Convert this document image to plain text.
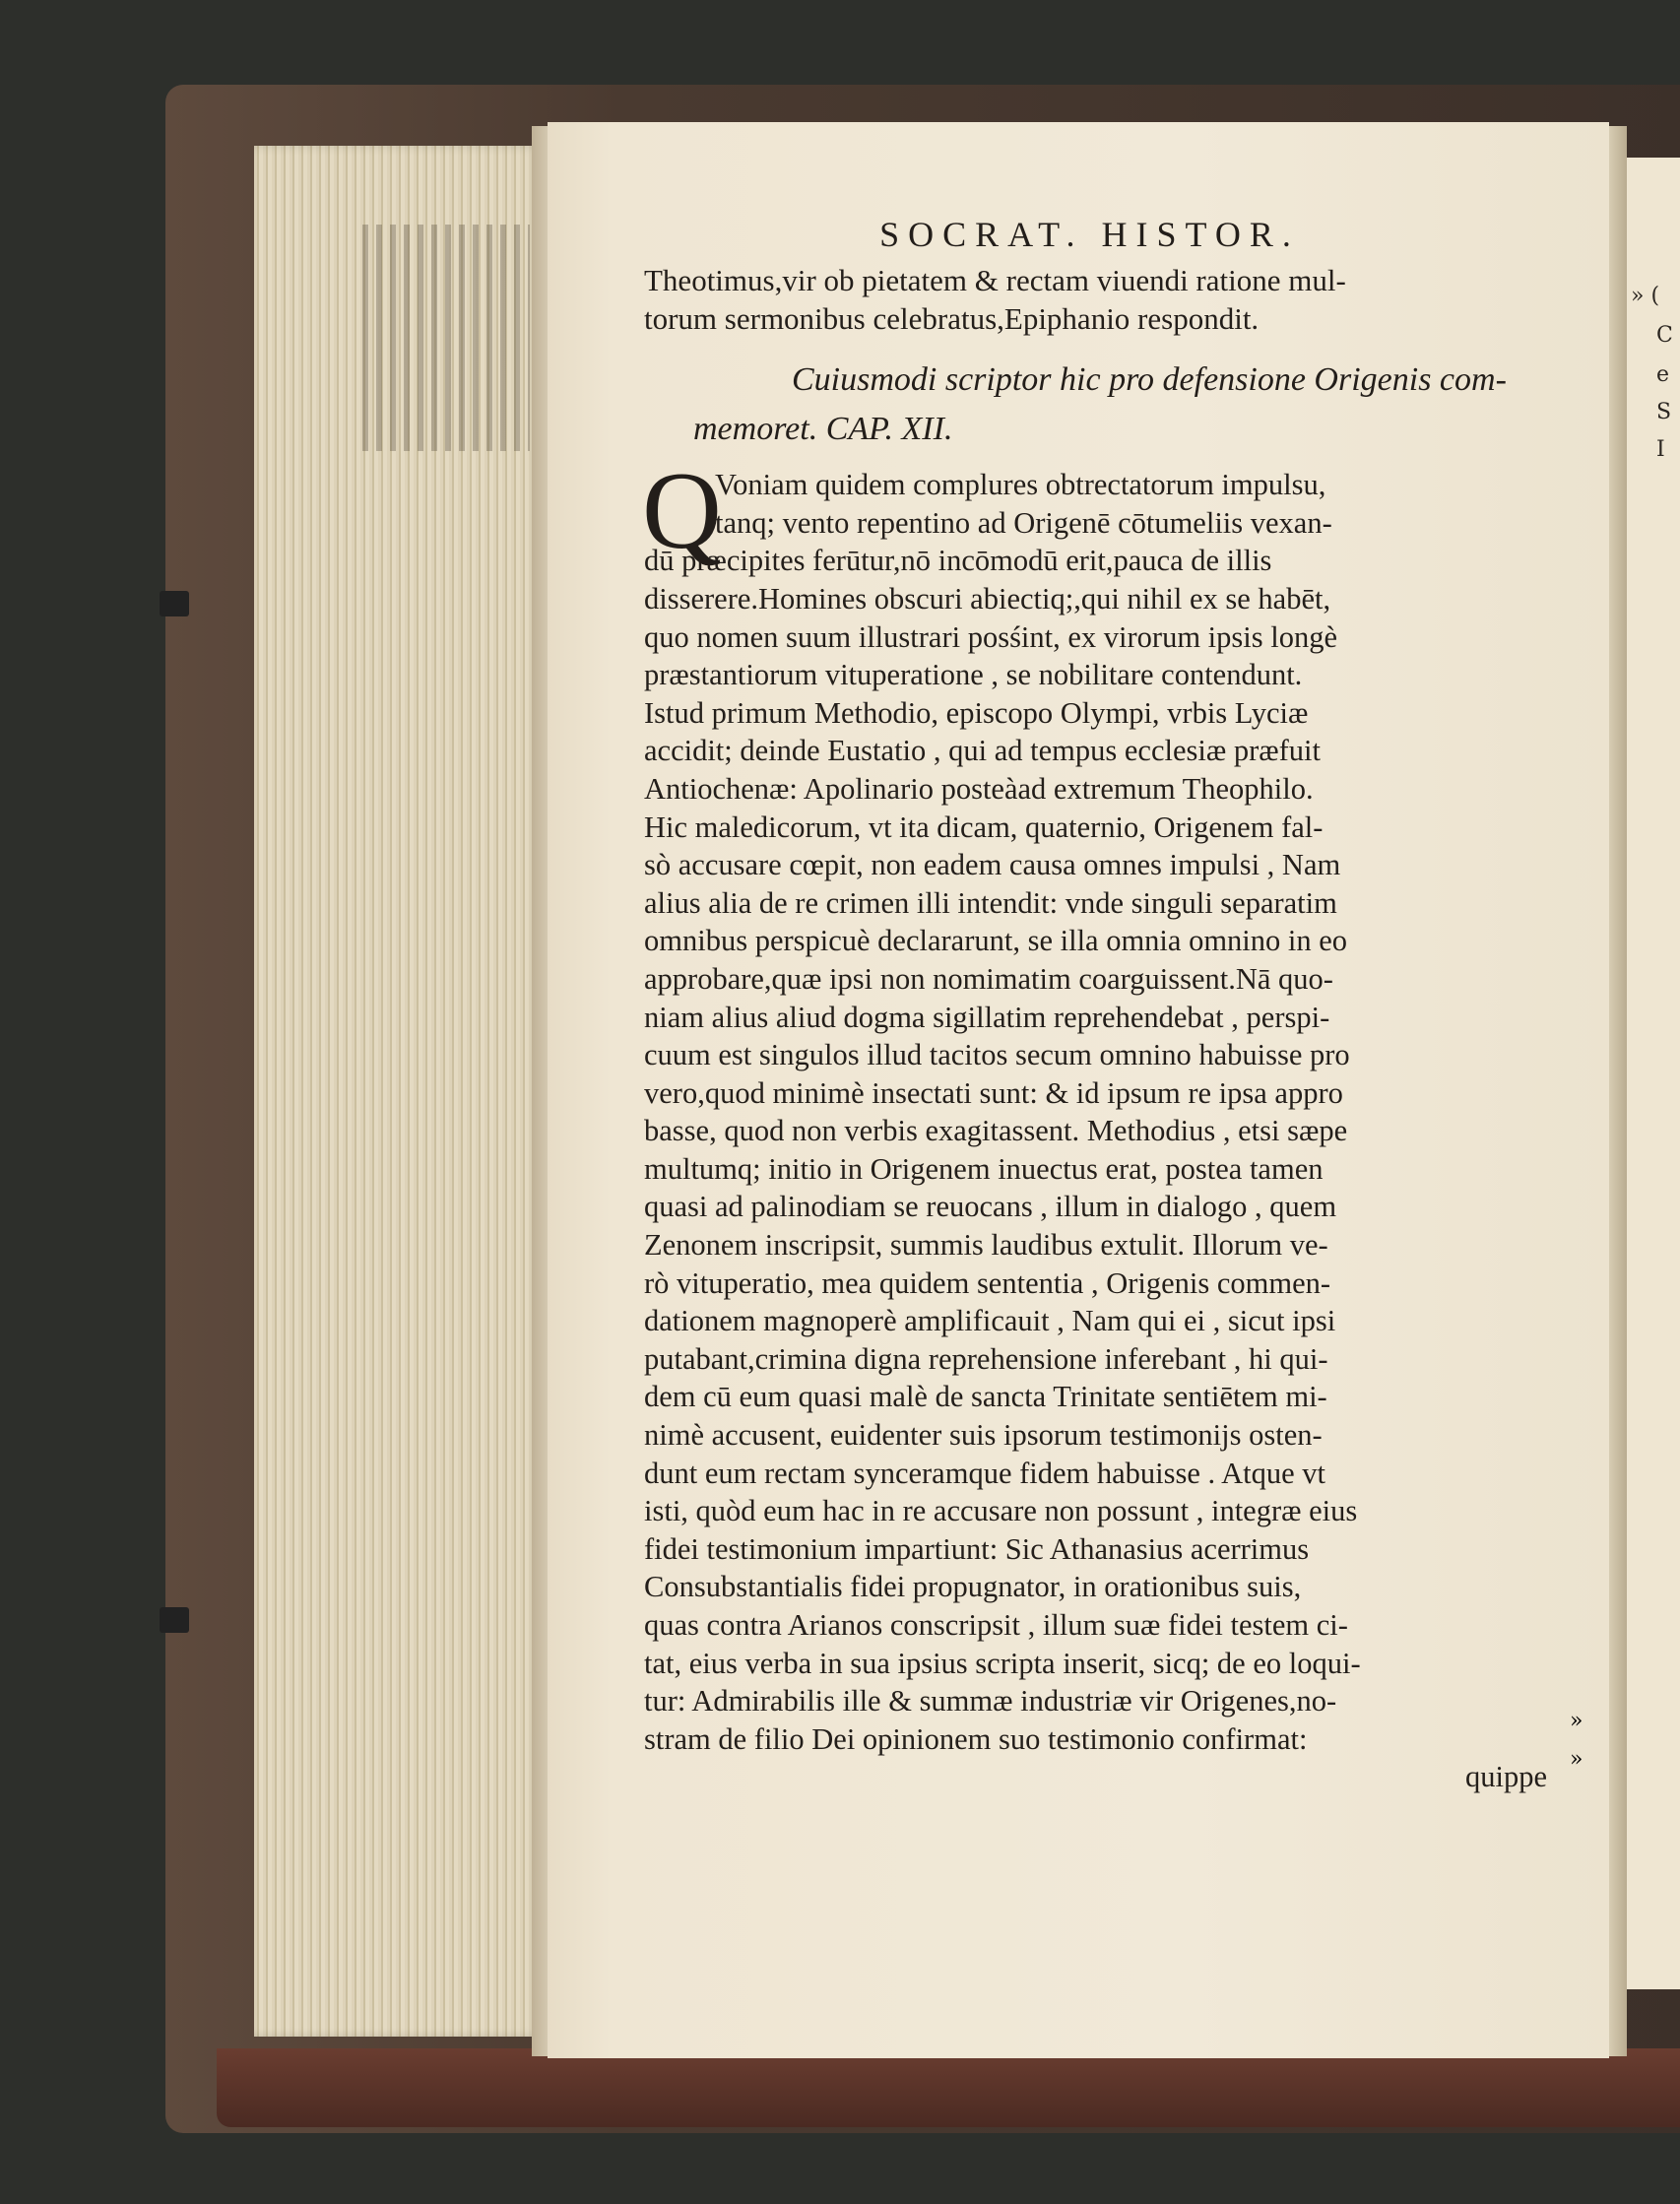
» (
C
e
S
I
SOCRAT. HISTOR.
Theotimus,vir ob pietatem & rectam viuendi ratione mul-
torum sermonibus celebratus,Epiphanio respondit.
Cuiusmodi scriptor hic pro defensione Origenis com-
memoret. CAP. XII.
Q
Voniam quidem complures obtrectatorum impulsu,
tanq; vento repentino ad Origenē cōtumeliis vexan-
dū præcipites ferūtur,nō incōmodū erit,pauca de illis
disserere.Homines obscuri abiectiq;,qui nihil ex se habēt,
quo nomen suum illustrari posśint, ex virorum ipsis longè
præstantiorum vituperatione , se nobilitare contendunt.
Istud primum Methodio, episcopo Olympi, vrbis Lyciæ
accidit; deinde Eustatio , qui ad tempus ecclesiæ præfuit
Antiochenæ: Apolinario posteàad extremum Theophilo.
Hic maledicorum, vt ita dicam, quaternio, Origenem fal-
sò accusare cœpit, non eadem causa omnes impulsi , Nam
alius alia de re crimen illi intendit: vnde singuli separatim
omnibus perspicuè declararunt, se illa omnia omnino in eo
approbare,quæ ipsi non nomimatim coarguissent.Nā quo-
niam alius aliud dogma sigillatim reprehendebat , perspi-
cuum est singulos illud tacitos secum omnino habuisse pro
vero,quod minimè insectati sunt: & id ipsum re ipsa appro
basse, quod non verbis exagitassent. Methodius , etsi sæpe
multumq; initio in Origenem inuectus erat, postea tamen
quasi ad palinodiam se reuocans , illum in dialogo , quem
Zenonem inscripsit, summis laudibus extulit. Illorum ve-
rò vituperatio, mea quidem sententia , Origenis commen-
dationem magnoperè amplificauit , Nam qui ei , sicut ipsi
putabant,crimina digna reprehensione inferebant , hi qui-
dem cū eum quasi malè de sancta Trinitate sentiētem mi-
nimè accusent, euidenter suis ipsorum testimonijs osten-
dunt eum rectam synceramque fidem habuisse . Atque vt
isti, quòd eum hac in re accusare non possunt , integræ eius
fidei testimonium impartiunt: Sic Athanasius acerrimus
Consubstantialis fidei propugnator, in orationibus suis,
quas contra Arianos conscripsit , illum suæ fidei testem ci-
tat, eius verba in sua ipsius scripta inserit, sicq; de eo loqui-
tur: Admirabilis ille & summæ industriæ vir Origenes,no-
stram de filio Dei opinionem suo testimonio confirmat:
quippe
»
»
